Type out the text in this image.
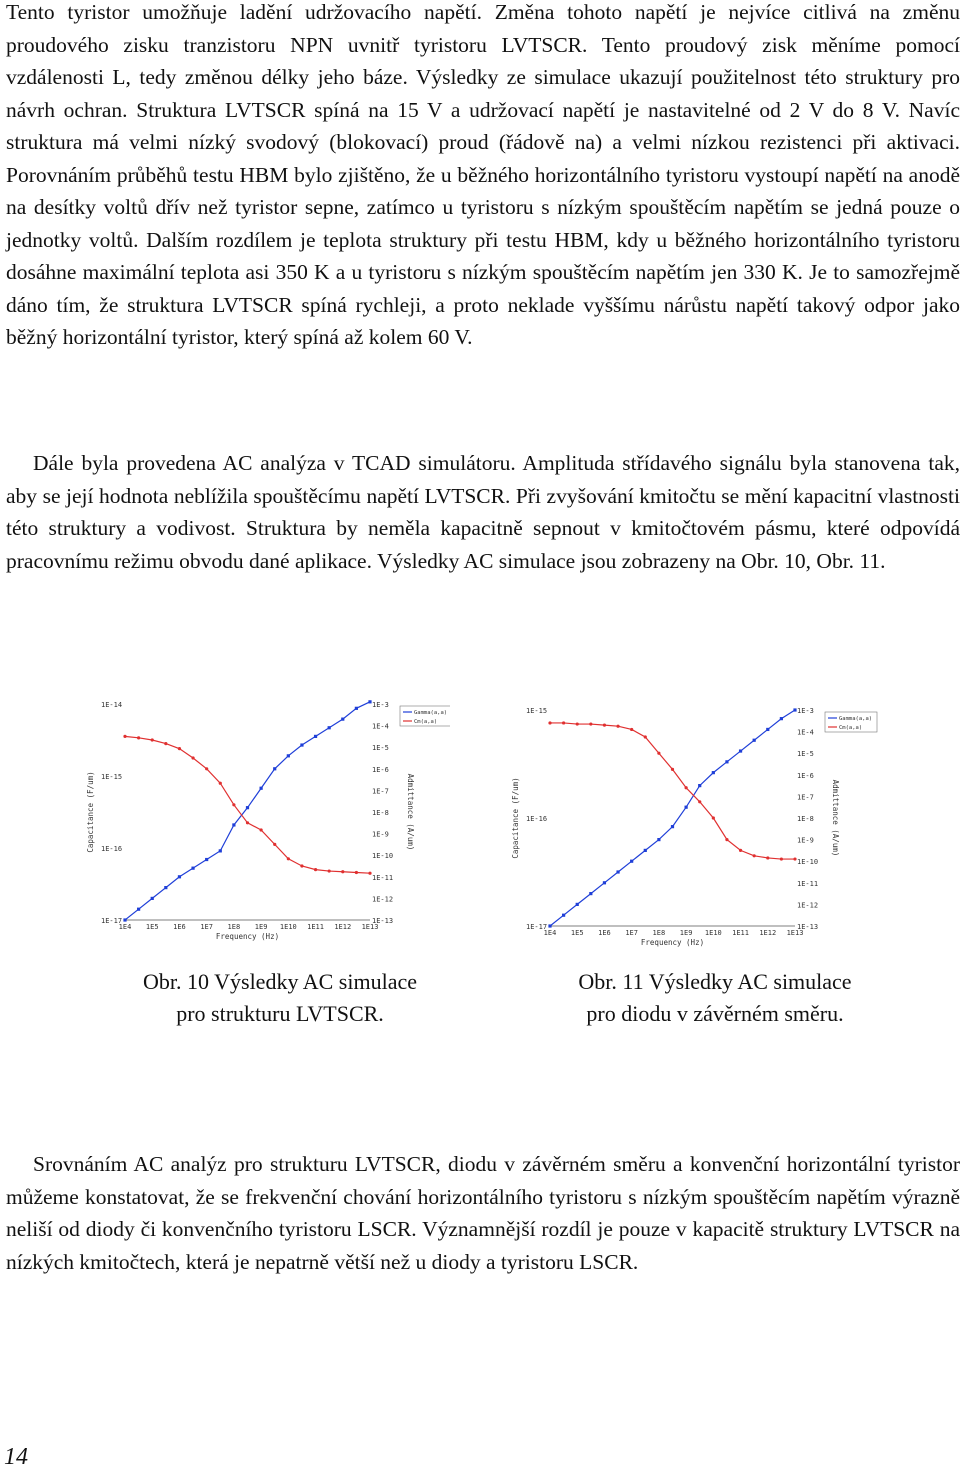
Tento tyristor umožňuje ladění udržovacího napětí. Změna tohoto napětí je nejvíce citlivá na změnu proudového zisku tranzistoru NPN uvnitř tyristoru LVTSCR. Tento proudový zisk měníme pomocí vzdálenosti L, tedy změnou délky jeho báze. Výsledky ze simulace ukazují použitelnost této struktury pro návrh ochran. Struktura LVTSCR spíná na 15 V a udržovací napětí je nastavitelné od 2 V do 8 V. Navíc struktura má velmi nízký svodový (blokovací) proud (řádově na) a velmi nízkou rezistenci při aktivaci. Porovnáním průběhů testu HBM bylo zjištěno, že u běžného horizontálního tyristoru vystoupí napětí na anodě na desítky voltů dřív než tyristor sepne, zatímco u tyristoru s nízkým spouštěcím napětím se jedná pouze o jednotky voltů. Dalším rozdílem je teplota struktury při testu HBM, kdy u běžného horizontálního tyristoru dosáhne maximální teplota asi 350 K a u tyristoru s nízkým spouštěcím napětím jen 330 K. Je to samozřejmě dáno tím, že struktura LVTSCR spíná rychleji, a proto neklade vyššímu nárůstu napětí takový odpor jako běžný horizontální tyristor, který spíná až kolem 60 V.

Dále byla provedena AC analýza v TCAD simulátoru. Amplituda střídavého signálu byla stanovena tak, aby se její hodnota neblížila spouštěcímu napětí LVTSCR. Při zvyšování kmitočtu se mění kapacitní vlastnosti této struktury a vodivost. Struktura by neměla kapacitně sepnout v kmitočtovém pásmu, které odpovídá pracovnímu režimu obvodu dané aplikace. Výsledky AC simulace jsou zobrazeny na Obr. 10, Obr. 11.

1E4 1E5 1E6 1E7 1E8 1E9 1E10 1E11 1E12 1E13
Frequency (Hz)
1E-14
1E-15
1E-16
1E-17
Capacitance (F/um)
1E-3
1E-4
1E-5
1E-6
1E-7
1E-8
1E-9
1E-10
1E-11
1E-12
1E-13
Admittance (A/um)
Gamma(a,a)
Cm(a,a)
1E4 1E5 1E6 1E7 1E8 1E9 1E10 1E11 1E12 1E13
Frequency (Hz)
1E-15
1E-16
1E-17
Capacitance (F/um)
1E-3
1E-4
1E-5
1E-6
1E-7
1E-8
1E-9
1E-10
1E-11
1E-12
1E-13
Admittance (A/um)
Gamma(a,a)
Cm(a,a)
Obr. 10 Výsledky AC simulace
pro strukturu LVTSCR.
Obr. 11 Výsledky AC simulace
pro diodu v závěrném směru.

Srovnáním AC analýz pro strukturu LVTSCR, diodu v závěrném směru a konvenční horizontální tyristor můžeme konstatovat, že se frekvenční chování horizontálního tyristoru s nízkým spouštěcím napětím výrazně neliší od diody či konvenčního tyristoru LSCR. Významnější rozdíl je pouze v kapacitě struktury LVTSCR na nízkých kmitočtech, která je nepatrně větší než u diody a tyristoru LSCR.

14
